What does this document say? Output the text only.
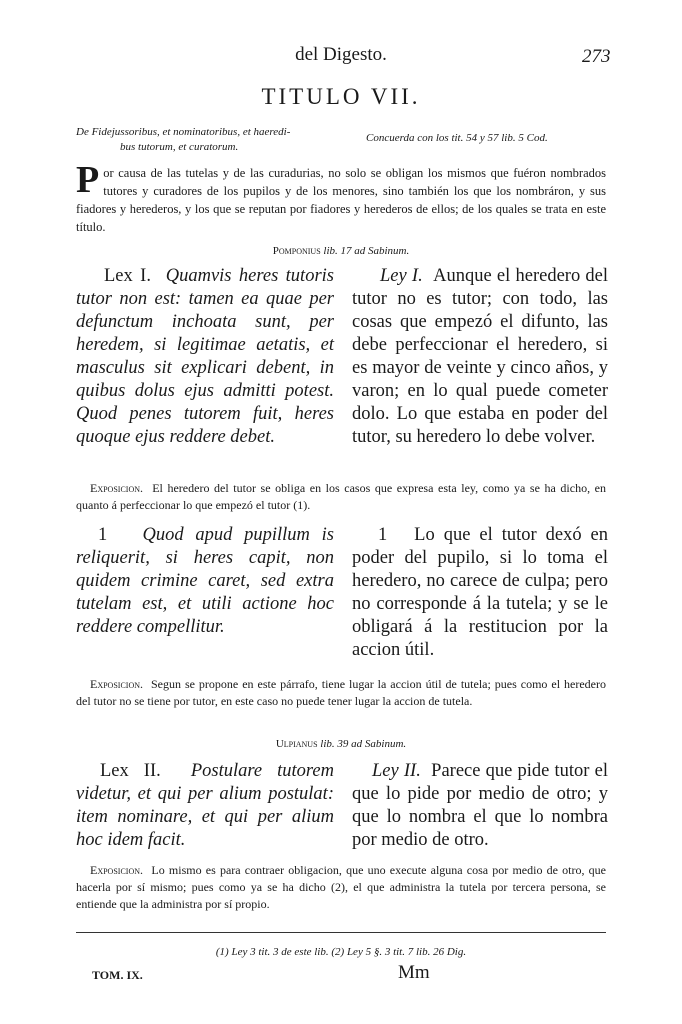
del Digesto.	273
TITULO VII.
De Fidejussoribus, et nominatoribus, et haeredi-
bus tutorum, et curatorum.
Concuerda con los tit. 54 y 57 lib. 5 Cod.
Por causa de las tutelas y de las curadurias, no solo se obligan los mismos que fuéron nombrados tutores y curadores de los pupilos y de los menores, sino también los que los nombráron, y sus fiadores y herederos, y los que se reputan por fiadores y herederos de ellos; de los quales se trata en este título.
Pomponius lib. 17 ad Sabinum.
Lex I. Quamvis heres tutoris tutor non est: tamen ea quae per defunctum inchoata sunt, per heredem, si legitimae aetatis, et masculus sit explicari debent, in quibus dolus ejus admitti potest. Quod penes tutorem fuit, heres quoque ejus reddere debet.
Ley I. Aunque el heredero del tutor no es tutor; con todo, las cosas que empezó el difunto, las debe perfeccionar el heredero, si es mayor de veinte y cinco años, y varon; en lo qual puede cometer dolo. Lo que estaba en poder del tutor, su heredero lo debe volver.
Exposicion. El heredero del tutor se obliga en los casos que expresa esta ley, como ya se ha dicho, en quanto á perfeccionar lo que empezó el tutor (1).
1 Quod apud pupillum is reliquerit, si heres capit, non quidem crimine caret, sed extra tutelam est, et utili actione hoc reddere compellitur.
1 Lo que el tutor dexó en poder del pupilo, si lo toma el heredero, no carece de culpa; pero no corresponde á la tutela; y se le obligará á la restitucion por la accion útil.
Exposicion. Segun se propone en este párrafo, tiene lugar la accion útil de tutela; pues como el heredero del tutor no se tiene por tutor, en este caso no puede tener lugar la accion de tutela.
Ulpianus lib. 39 ad Sabinum.
Lex II. Postulare tutorem videtur, et qui per alium postulat: item nominare, et qui per alium hoc idem facit.
Ley II. Parece que pide tutor el que lo pide por medio de otro; y que lo nombra el que lo nombra por medio de otro.
Exposicion. Lo mismo es para contraer obligacion, que uno execute alguna cosa por medio de otro, que hacerla por sí mismo; pues como ya se ha dicho (2), el que administra la tutela por tercera persona, se entiende que la administra por sí propio.
(1) Ley 3 tit. 3 de este lib. (2) Ley 5 §. 3 tit. 7 lib. 26 Dig.
TOM. IX.	Mm
